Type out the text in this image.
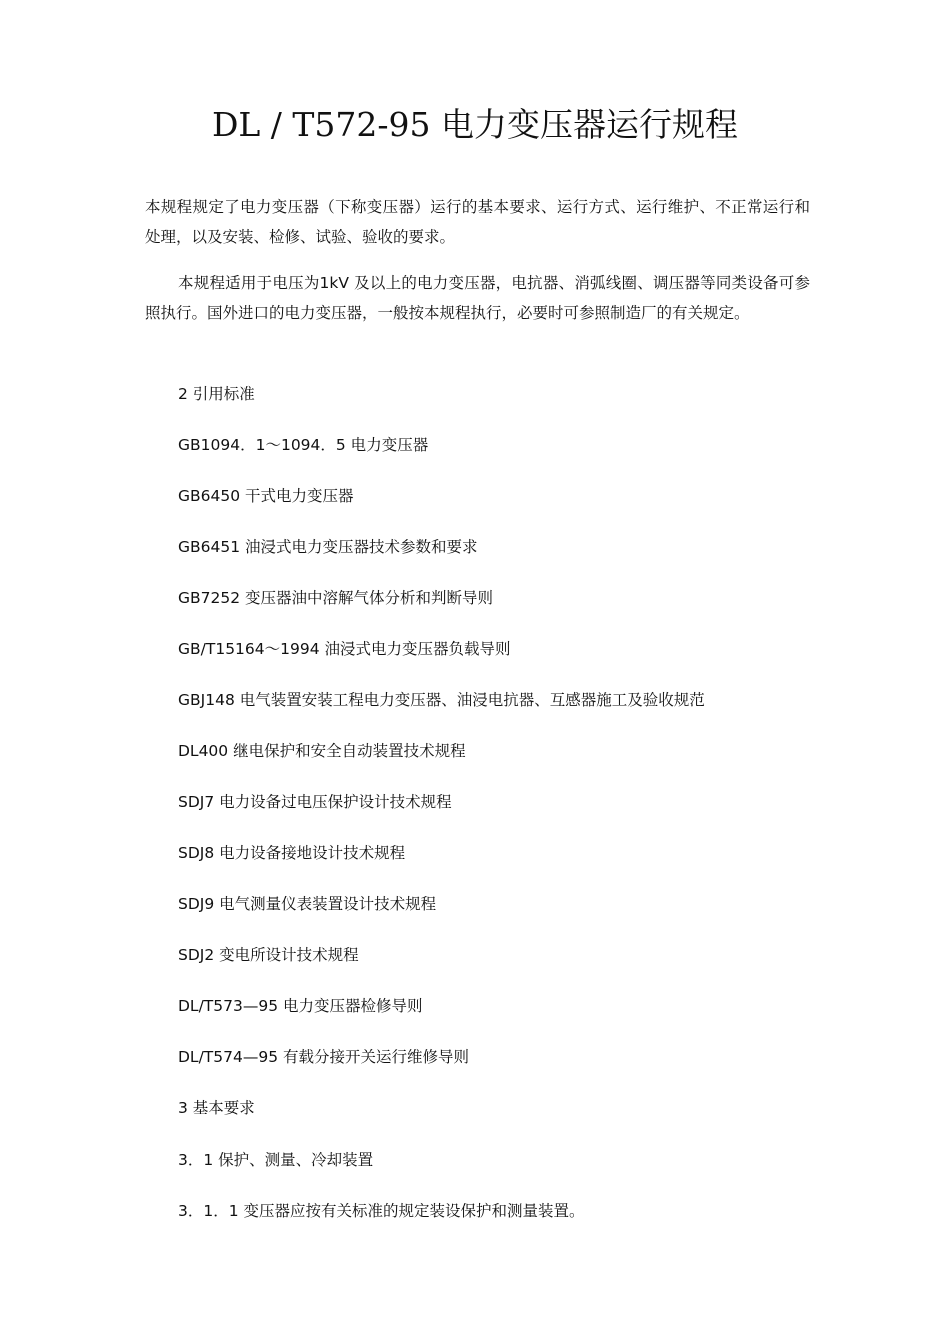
DL / T572-95 电力变压器运行规程

本规程规定了电力变压器（下称变压器）运行的基本要求、运行方式、运行维护、不正常运行和处理，以及安装、检修、试验、验收的要求。

本规程适用于电压为1kV 及以上的电力变压器，电抗器、消弧线圈、调压器等同类设备可参照执行。国外进口的电力变压器，一般按本规程执行，必要时可参照制造厂的有关规定。

2 引用标准
GB1094．1～1094．5 电力变压器
GB6450 干式电力变压器
GB6451 油浸式电力变压器技术参数和要求
GB7252 变压器油中溶解气体分析和判断导则
GB/T15164～1994 油浸式电力变压器负载导则
GBJ148 电气装置安装工程电力变压器、油浸电抗器、互感器施工及验收规范
DL400 继电保护和安全自动装置技术规程
SDJ7 电力设备过电压保护设计技术规程
SDJ8 电力设备接地设计技术规程
SDJ9 电气测量仪表装置设计技术规程
SDJ2 变电所设计技术规程
DL/T573—95 电力变压器检修导则
DL/T574—95 有载分接开关运行维修导则
3 基本要求
3．1 保护、测量、冷却装置
3．1．1 变压器应按有关标准的规定装设保护和测量装置。
